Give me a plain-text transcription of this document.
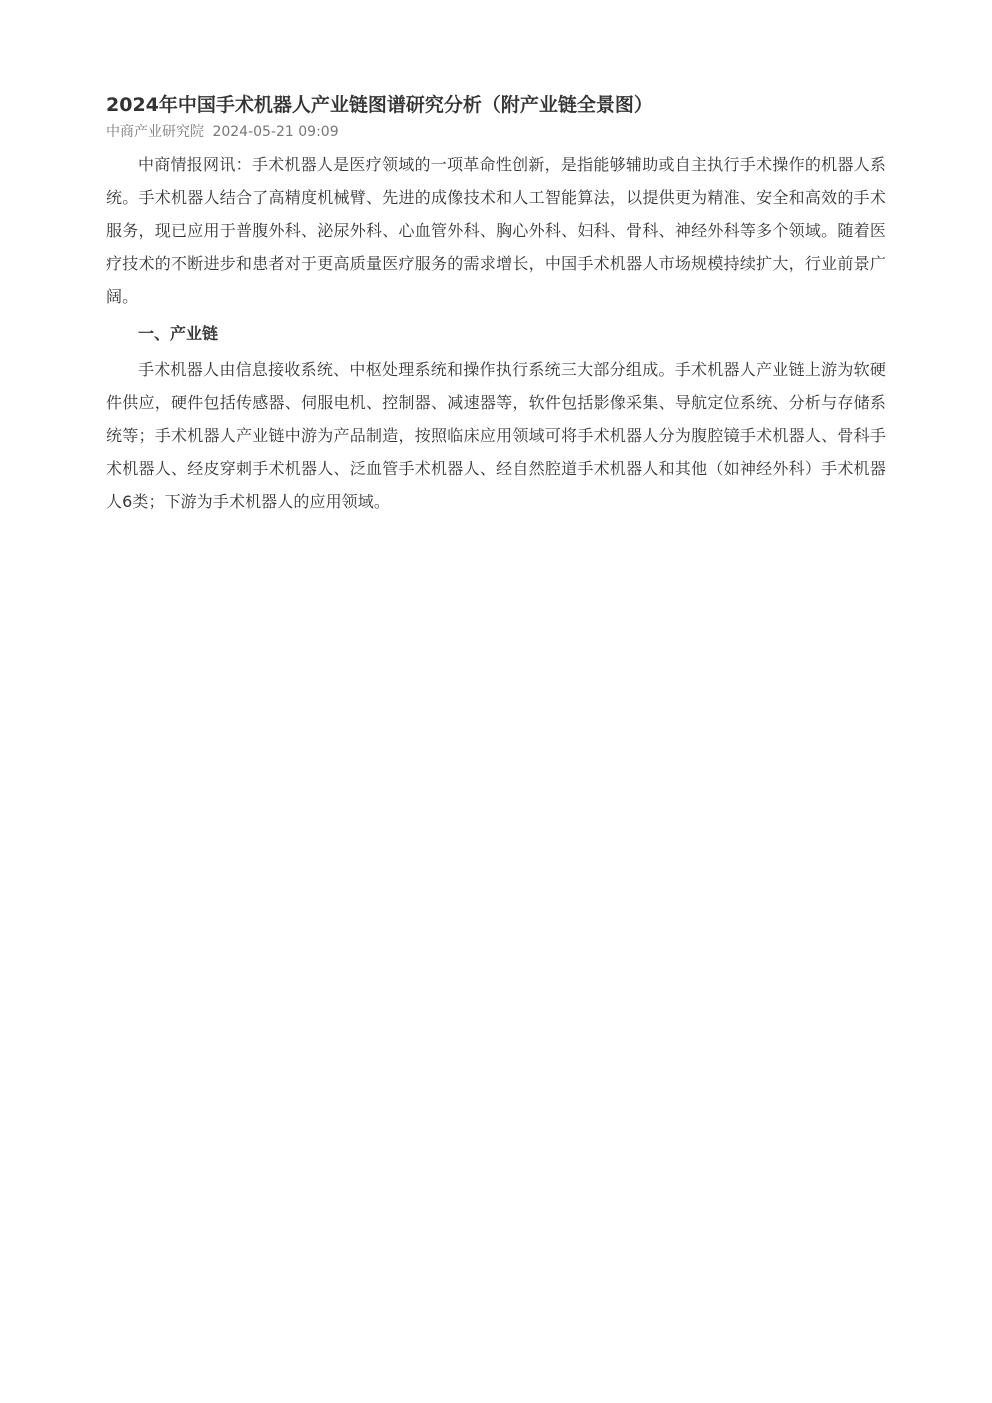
2024年中国手术机器人产业链图谱研究分析（附产业链全景图）
中商产业研究院 2024-05-21 09:09

中商情报网讯：手术机器人是医疗领域的一项革命性创新，是指能够辅助或自主执行手术操作的机器人系统。手术机器人结合了高精度机械臂、先进的成像技术和人工智能算法，以提供更为精准、安全和高效的手术服务，现已应用于普腹外科、泌尿外科、心血管外科、胸心外科、妇科、骨科、神经外科等多个领域。随着医疗技术的不断进步和患者对于更高质量医疗服务的需求增长，中国手术机器人市场规模持续扩大，行业前景广阔。

一、产业链

手术机器人由信息接收系统、中枢处理系统和操作执行系统三大部分组成。手术机器人产业链上游为软硬件供应，硬件包括传感器、伺服电机、控制器、减速器等，软件包括影像采集、导航定位系统、分析与存储系统等；手术机器人产业链中游为产品制造，按照临床应用领域可将手术机器人分为腹腔镜手术机器人、骨科手术机器人、经皮穿刺手术机器人、泛血管手术机器人、经自然腔道手术机器人和其他（如神经外科）手术机器人6类；下游为手术机器人的应用领域。
